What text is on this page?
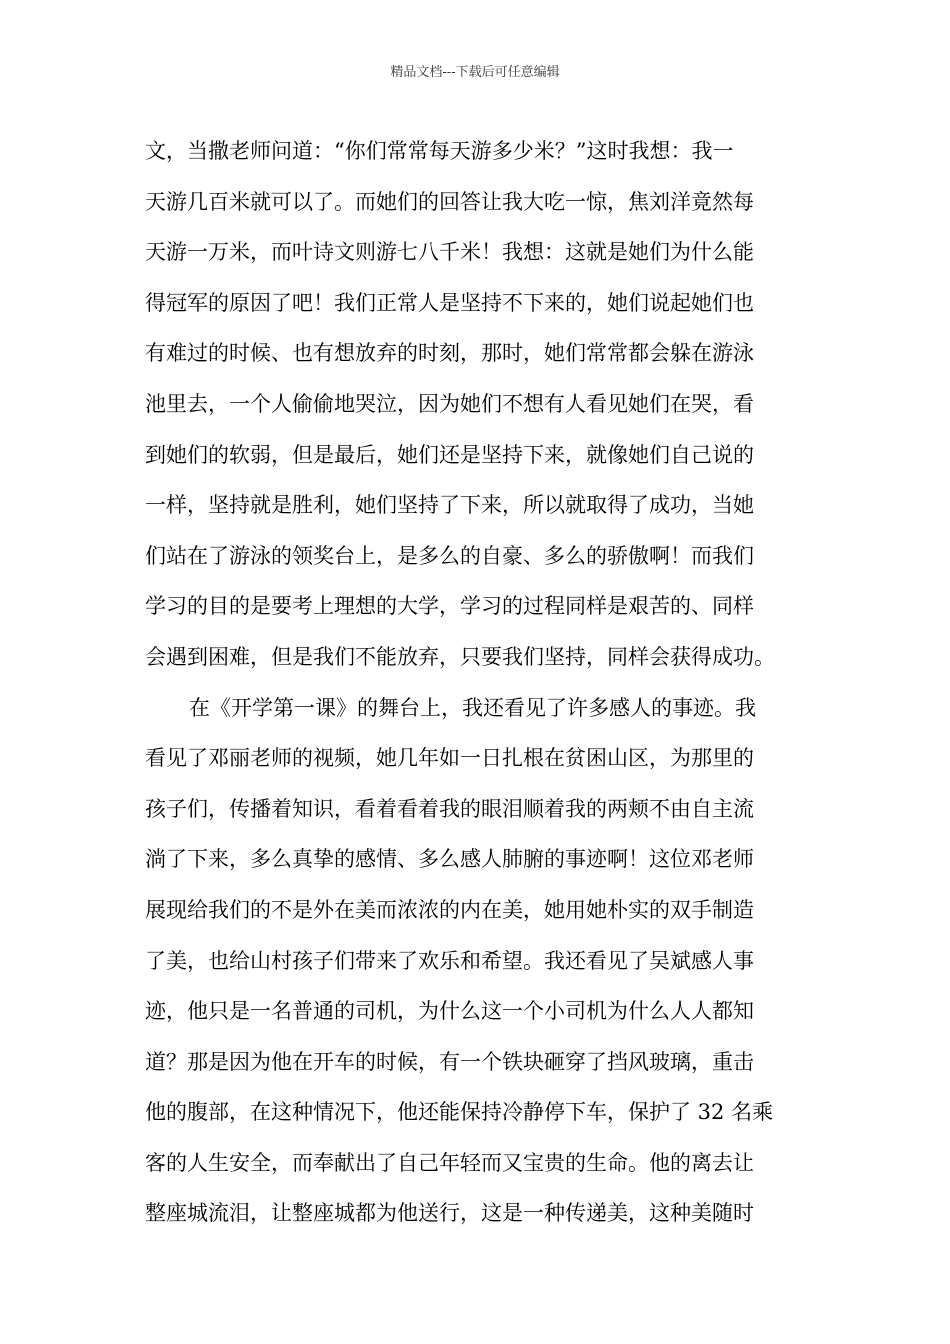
精品文档---下载后可任意编辑
文，当撒老师问道：“你们常常每天游多少米？”这时我想：我一
天游几百米就可以了。而她们的回答让我大吃一惊，焦刘洋竟然每
天游一万米，而叶诗文则游七八千米！我想：这就是她们为什么能
得冠军的原因了吧！我们正常人是坚持不下来的，她们说起她们也
有难过的时候、也有想放弃的时刻，那时，她们常常都会躲在游泳
池里去，一个人偷偷地哭泣，因为她们不想有人看见她们在哭，看
到她们的软弱，但是最后，她们还是坚持下来，就像她们自己说的
一样，坚持就是胜利，她们坚持了下来，所以就取得了成功，当她
们站在了游泳的领奖台上，是多么的自豪、多么的骄傲啊！而我们
学习的目的是要考上理想的大学，学习的过程同样是艰苦的、同样
会遇到困难，但是我们不能放弃，只要我们坚持，同样会获得成功。
在《开学第一课》的舞台上，我还看见了许多感人的事迹。我
看见了邓丽老师的视频，她几年如一日扎根在贫困山区，为那里的
孩子们，传播着知识，看着看着我的眼泪顺着我的两颊不由自主流
淌了下来，多么真挚的感情、多么感人肺腑的事迹啊！这位邓老师
展现给我们的不是外在美而浓浓的内在美，她用她朴实的双手制造
了美，也给山村孩子们带来了欢乐和希望。我还看见了吴斌感人事
迹，他只是一名普通的司机，为什么这一个小司机为什么人人都知
道？那是因为他在开车的时候，有一个铁块砸穿了挡风玻璃，重击
他的腹部，在这种情况下，他还能保持冷静停下车，保护了 32 名乘
客的人生安全，而奉献出了自己年轻而又宝贵的生命。他的离去让
整座城流泪，让整座城都为他送行，这是一种传递美，这种美随时
